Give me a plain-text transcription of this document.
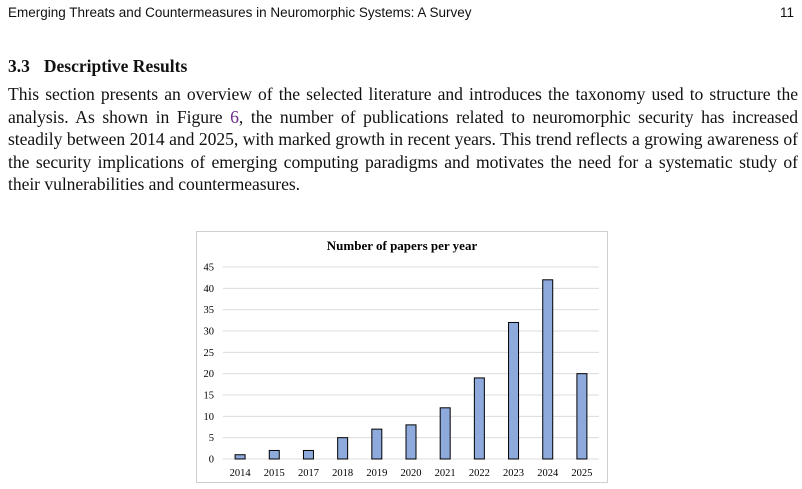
Emerging Threats and Countermeasures in Neuromorphic Systems: A Survey	11
3.3 Descriptive Results

This section presents an overview of the selected literature and introduces the taxonomy used to structure the analysis. As shown in Figure 6, the number of publications related to neuromorphic security has increased steadily between 2014 and 2025, with marked growth in recent years. This trend reflects a growing awareness of the security implications of emerging computing paradigms and motivates the need for a systematic study of their vulnerabilities and countermeasures.

Number of papers per year
0
5
10
15
20
25
30
35
40
45
2014 2015 2017 2018 2019 2020 2021 2022 2023 2024 2025
